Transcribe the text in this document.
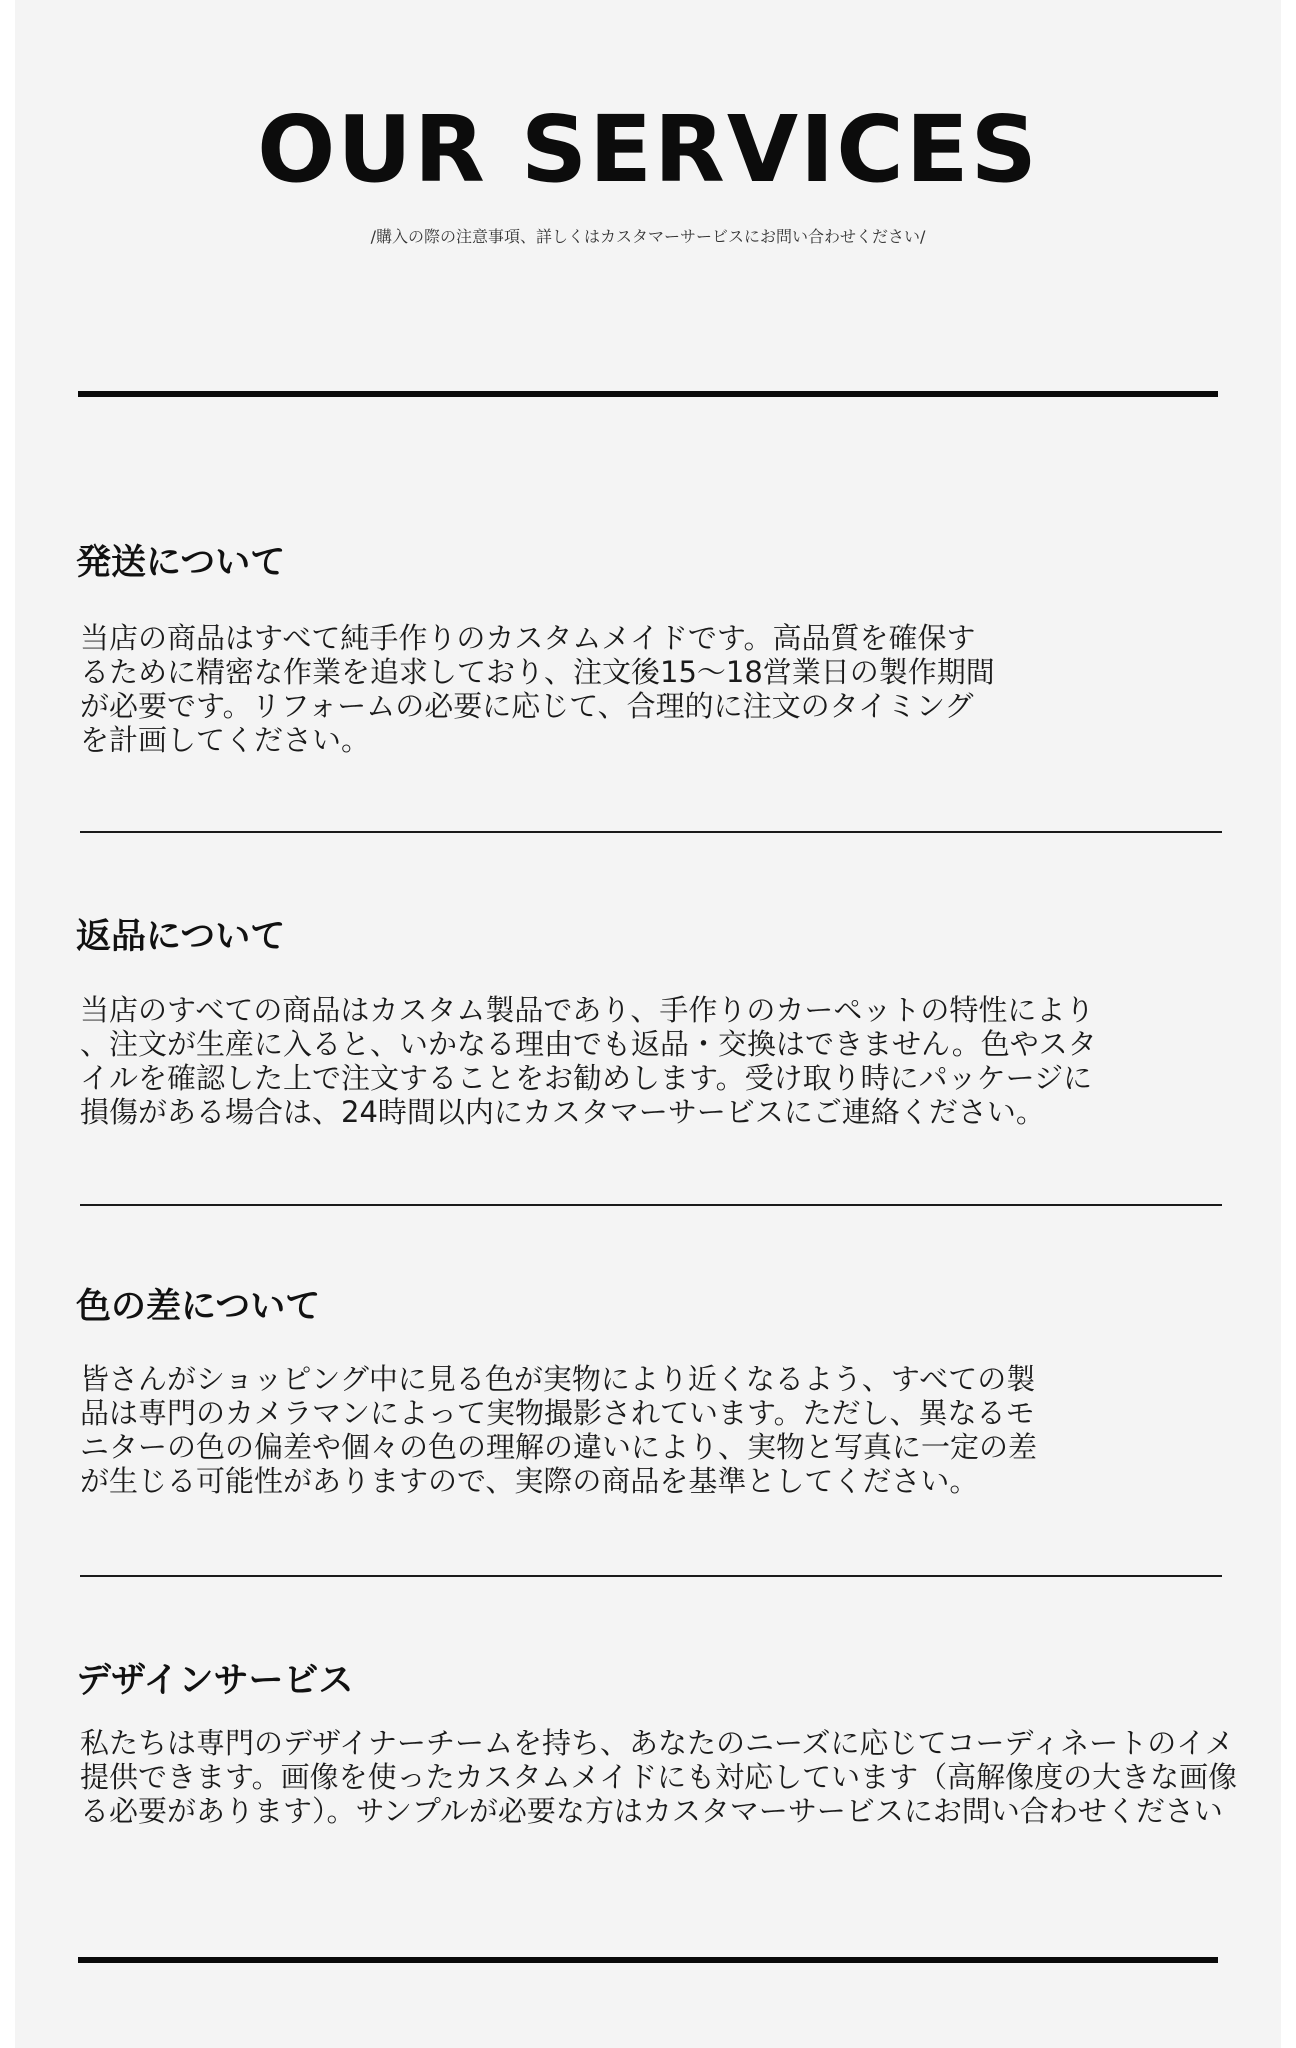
OUR SERVICES

/購入の際の注意事項、詳しくはカスタマーサービスにお問い合わせください/

発送について

当店の商品はすべて純手作りのカスタムメイドです。高品質を確保す
るために精密な作業を追求しており、注文後15〜18営業日の製作期間
が必要です。リフォームの必要に応じて、合理的に注文のタイミング
を計画してください。

返品について

当店のすべての商品はカスタム製品であり、手作りのカーペットの特性により
、注文が生産に入ると、いかなる理由でも返品・交換はできません。色やスタ
イルを確認した上で注文することをお勧めします。受け取り時にパッケージに
損傷がある場合は、24時間以内にカスタマーサービスにご連絡ください。

色の差について

皆さんがショッピング中に見る色が実物により近くなるよう、すべての製
品は専門のカメラマンによって実物撮影されています。ただし、異なるモ
ニターの色の偏差や個々の色の理解の違いにより、実物と写真に一定の差
が生じる可能性がありますので、実際の商品を基準としてください。

デザインサービス

私たちは専門のデザイナーチームを持ち、あなたのニーズに応じてコーディネートのイメ
提供できます。画像を使ったカスタムメイドにも対応しています（高解像度の大きな画像
る必要があります）。サンプルが必要な方はカスタマーサービスにお問い合わせください
